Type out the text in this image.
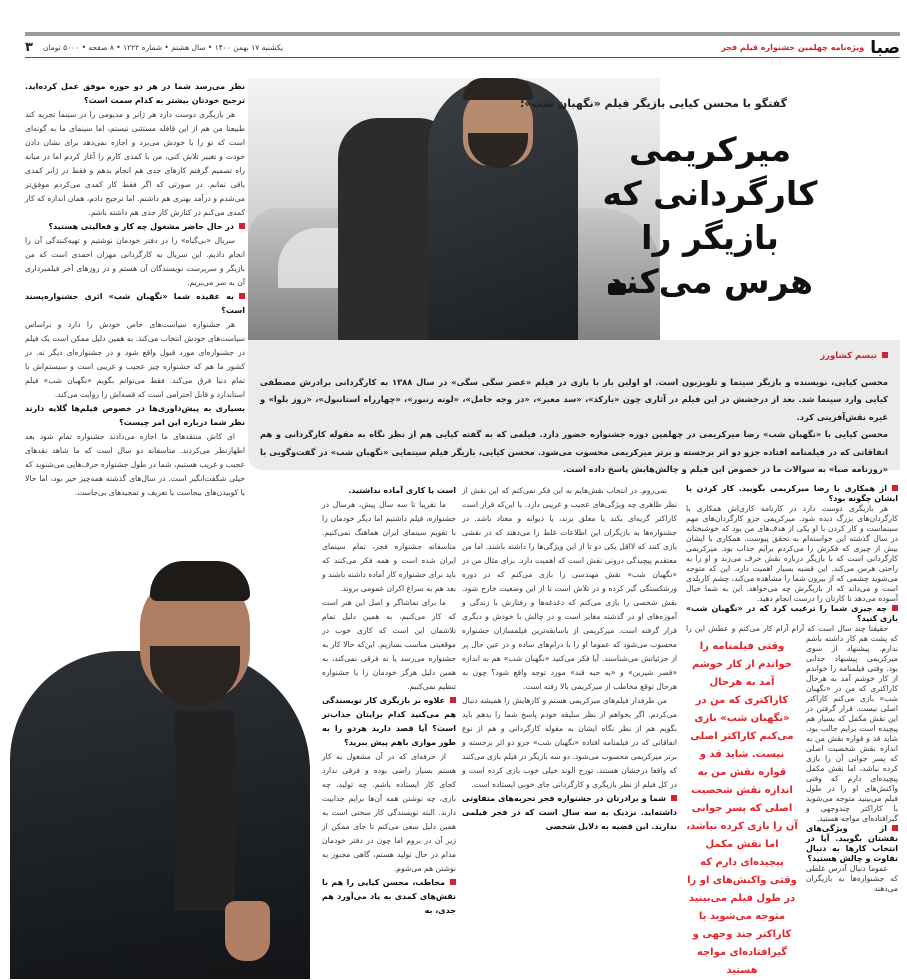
صبا
ویژه‌نامه چهلمین جشنواره فیلم فجر
یکشنبه ۱۷ بهمن ۱۴۰۰ • سال هشتم • شماره ۱۲۲۲ • ۸ صفحه • ۵۰۰۰ تومان
۳
گفتگو با محسن کیایی بازیگر فیلم «نگهبان شب»؛
میرکریمی
کارگردانی که
بازیگر را
هرس می‌کند
تبسم کشاورز

محسن کیایی، نویسنده و بازیگر سینما و تلویزیون است. او اولین بار با بازی در فیلم «عصر سگی سگی» در سال ۱۳۸۸ به کارگردانی برادرش مصطفی کیایی وارد سینما شد. بعد از درخشش در این فیلم در آثاری چون «بارکد»، «سد معبر»، «در وجه حامل»، «لونه زنبور»، «چهارراه استانبول»، «روز بلوا» و غیره نقش‌آفرینی کرد.

محسن کیایی با «نگهبان شب» رضا میرکریمی در چهلمین دوره جشنواره حضور دارد. فیلمی که به گفته کیایی هم از نظر نگاه به مقوله کارگردانی و هم اتفاقاتی که در فیلمنامه افتاده جزو دو اثر برجسته و برتر میرکریمی محسوب می‌شود. محسن کیایی، بازیگر فیلم سینمایی «نگهبان شب» در گفت‌وگویی با «روزنامه صبا» به سوالات ما در خصوص این فیلم و چالش‌هایش پاسخ داده است.

وقتی فیلمنامه را خواندم از کار خوشم آمد به هرحال کاراکتری که من در «نگهبان شب» بازی می‌کنم کاراکتر اصلی نیست. شاید قد و قواره نقش من به اندازه نقش شخصیت اصلی که پسر جوانی آن را بازی کرده نباشد، اما نقش مکمل پیچیده‌ای دارم که وقتی واکنش‌های او را در طول فیلم می‌بینید متوجه می‌شوید با کاراکتر چند وجهی و گیرافتاده‌ای مواجه هستید
از همکاری با رضا میرکریمی بگویید. کار کردن با ایشان چگونه بود؟

هر بازیگری دوست دارد در کارنامه کاری‌اش همکاری با کارگردان‌های بزرگ دیده شود. میرکریمی جزو کارگردان‌های مهم سینماست و کار کردن با او یکی از هدف‌های من بود که خوشبختانه در سال گذشته این خواسته‌ام به تحقق پیوست. همکاری با ایشان بیش از چیزی که فکرش را می‌کردم برایم جذاب بود. میرکریمی کارگردانی است که با بازیگر درباره نقش حرف می‌زند و او را به راحتی هرس می‌کند. این قضیه بسیار اهمیت دارد. این که متوجه می‌شوید چشمی که از بیرون شما را مشاهده می‌کند، چشم کاربلدی است و می‌داند که از بازیگرش چه می‌خواهد. این به شما خیال آسوده می‌دهد تا کارتان را درست انجام دهید.

چه چیزی شما را ترغیب کرد که در «نگهبان شب» بازی کنید؟

حقیقتا چند سال است که آرام آرام کار می‌کنم و عطش این را که پشت هم کار داشته باشم ندارم. پیشنهاد از سوی میرکریمی پیشنهاد جذابی بود. وقتی فیلمنامه را خواندم از کار خوشم آمد به هرحال کاراکتری که من در «نگهبان شب» بازی می‌کنم کاراکتر اصلی نیست. قرار گرفتن در این نقش مکمل که بسیار هم پیچیده است برایم جالب بود. شاید قد و قواره نقش من به اندازه نقش شخصیت اصلی که پسر جوانی آن را بازی کرده نباشد، اما نقش مکمل پیچیده‌ای دارم که وقتی واکنش‌های او را در طول فیلم می‌بینید متوجه می‌شوید با کاراکتر چندوجهی و گیرافتاده‌ای مواجه هستید.

از ویژگی‌های نقشتان بگویید. آیا در انتخاب کارها به دنبال تفاوت و چالش هستید؟

عموما دنبال آدرس غلطی که جشنواره‌ها به بازیگران می‌دهند

نمی‌روم. در انتخاب نقش‌هایم به این فکر نمی‌کنم که این نقش از نظر ظاهری چه ویژگی‌های عجیب و غریبی دارد. یا این‌که قرار است کاراکتر گریه‌ای بکند یا معلق بزند، یا دیوانه و معتاد باشد. در جشنواره‌ها به بازیگران این اطلاعات غلط را می‌دهند که در نقشی بازی کنند که لااقل یکی دو تا از این ویژگی‌ها را داشته باشند. اما من معتقدم پیچیدگی درونی نقش است که اهمیت دارد. برای مثال من در «نگهبان شب» نقش مهندسی را بازی می‌کنم که در دوره ورشکستگی گیر کرده و در تلاش است تا از این وضعیت خارج شود. نقش شخصی را بازی می‌کنم که دغدغه‌ها و رفتارش با زندگی و آموزه‌های او در گذشته مغایر است و در چالش با خودش و دیگری قرار گرفته است. میرکریمی از باسابقه‌ترین فیلمسازان جشنواره محسوب می‌شود که عموما او را با درام‌های ساده و در عین حال پر از جزئیاتش می‌شناسند. آیا فکر می‌کنید «نگهبان شب» هم به اندازه «قصر شیرین» و «یه حبه قند» مورد توجه واقع شود؟ چون به هرحال توقع مخاطب از میرکریمی بالا رفته است.

من طرفدار فیلم‌های میرکریمی هستم و کارهایش را همیشه دنبال می‌کردم. اگر بخواهم از نظر سلیقه خودم پاسخ شما را بدهم باید بگویم هم از نظر نگاه ایشان به مقوله کارگردانی و هم از نوع اتفاقاتی که در فیلمنامه افتاده «نگهبان شب» جزو دو اثر برجسته و برتر میرکریمی محسوب می‌شود. دو سه بازیگر در فیلم بازی می‌کنند که واقعا درخشان هستند. تورج الوند خیلی خوب بازی کرده است و در کل فیلم از نظر بازیگری و کارگردانی جای خوبی ایستاده است.

شما و برادرتان در جشنواره فجر تجربه‌های متفاوتی داشته‌اید. نزدیک به سه سال است که در فجر فیلمی ندارید. این قضیه به دلایل شخصی
است یا کاری آماده نداشتید.

ما تقریبا تا سه سال پیش، هرسال در جشنواره، فیلم داشتیم اما دیگر خودمان را با تقویم سینمای ایران هماهنگ نمی‌کنیم. متاسفانه جشنواره فجر، تمام سینمای ایران شده است و همه فکر می‌کنند که باید برای جشنواره کار آماده داشته باشند و بعد هم به سراغ اکران عمومی بروند.

ما برای تماشاگر و اصل این هنر است که کار می‌کنیم، به همین دلیل تمام تلاشمان این است که کاری خوب در موقعیتی مناسب بسازیم. این‌که حالا کار به جشنواره می‌رسد یا نه فرقی نمی‌کند، به همین دلیل هرگز خودمان را با جشنواره تنظیم نمی‌کنیم.

علاوه بر بازیگری کار نویسندگی هم می‌کنید کدام برایتان جذاب‌تر است؟ آیا قصد دارید هردو را به طور موازی باهم پیش ببرید؟

از حرفه‌ای که در آن مشغول به کار هستم بسیار راضی بوده و فرقی ندارد کجای کار ایستاده باشم. چه تولید، چه بازی، چه نوشتن همه آن‌ها برایم جذابیت دارند. البته نویسندگی کار سختی است به همین دلیل سعی می‌کنم تا جای ممکن از زیر آن در بروم اما چون در دفتر خودمان مدام در حال تولید هستم، گاهی مجبور به نوشتن هم می‌شوم.

مخاطب، محسن کیایی را هم با نقش‌های کمدی به یاد می‌آورد هم جدی، به
نظر می‌رسد شما در هر دو حوزه موفق عمل کرده‌اید. ترجیح خودتان بیشتر به کدام سمت است؟

هر بازیگری دوست دارد هر ژانر و مدیومی را در سینما تجربه کند طبیعتا من هم از این قافله مستثنی نیستم، اما سینمای ما به گونه‌ای است که تو را با خودش می‌برد و اجازه نمی‌دهد برای نشان دادن خودت و تغییر تلاش کنی، من با کمدی کارم را آغاز کردم اما در میانه راه تصمیم گرفتم کارهای جدی هم انجام بدهم و فقط در ژانر کمدی باقی نمانم. در صورتی که اگر فقط کار کمدی می‌کردم موفق‌تر می‌شدم و درآمد بهتری هم داشتم. اما ترجیح دادم، همان اندازه که کار کمدی می‌کنم در کنارش کار جدی هم داشته باشم.

در حال حاضر مشغول چه کار و فعالیتی هستید؟

سریال «بی‌گناه» را در دفتر خودمان نوشتیم و تهیه‌کنندگی آن را انجام دادیم. این سریال به کارگردانی مهران احمدی است که من بازیگر و سرپرست نویسندگان آن هستم و در روزهای آخر فیلمبرداری آن به سر می‌بریم.

به عقیده شما «نگهبان شب» اثری جشنواره‌پسند است؟

هر جشنواره سیاست‌های خاص خودش را دارد و براساس سیاست‌های خودش انتخاب می‌کند. به همین دلیل ممکن است یک فیلم در جشنواره‌ای مورد قبول واقع شود و در جشنواره‌ای دیگر نه. در کشور ما هم که جشنواره چیز عجیب و غریبی است و سیستم‌اش با تمام دنیا فرق می‌کند. فقط می‌توانم بگویم «نگهبان شب» فیلم استاندارد و قابل احترامی است که قصه‌اش را روایت می‌کند.

بسیاری به پیش‌داوری‌ها در خصوص فیلم‌ها گلایه دارند نظر شما درباره این امر چیست؟

ای کاش منتقدهای ما اجازه می‌دادند جشنواره تمام شود بعد اظهارنظر می‌کردند. متاسفانه دو سال است که ما شاهد نقدهای عجیب و غریب هستیم، شما در طول جشنواره حرف‌هایی می‌شنوید که خیلی شگفت‌انگیز است. در سال‌های گذشته همه‌چیز خیر بود، اما حالا یا کوبیدن‌های بیجاست یا تعریف و تمجیدهای بی‌جاست.
